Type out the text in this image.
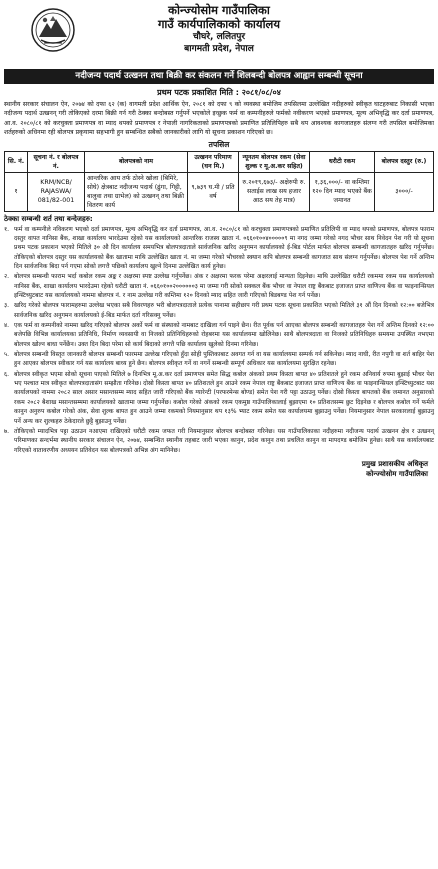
कोन्ज्योसोम गाउँपालिका
गाउँ कार्यपालिकाको कार्यालय
चौघरे, ललितपुर
बागमती प्रदेश, नेपाल
नदीजन्य पदार्थ उत्खनन तथा बिक्री कर संकलन गर्ने शिलबन्दी बोलपत्र आह्वान सम्बन्धी सूचना
प्रथम पटक प्रकाशित मिति : २०८१/०८/०४
स्थानीय सरकार संचालन ऐन, २०७४ को दफा ६२ (क) वागमती प्रदेश आर्थिक ऐन, २०८१ को दफा ९ को व्यवस्था बमोजिम तपसिलमा उल्लेखित नदीहरुको स्वीकृत घाटहरुबाट निकासी भएका नदीजन्य पदार्थ उत्खनन् गरी तोकिएको दरमा बिक्री गर्न गरी ठेक्का बन्दोबस्त गर्नुपर्ने भएकोले इच्छुक फर्म वा कम्पनीहरुले फर्मको नवीकरण भएको प्रमाणपत्र, मूल्य अभिवृद्धि कर दर्ता प्रमाणपत्र, आ.व. २०८०/८१ को करचुक्ता प्रमाणपत्र वा म्याद थपको प्रमाणपत्र र नेपाली नागरिकताको प्रमाणपत्रको प्रमाणित प्रतिलिपिहरु सबै थप आवश्यक कागजातहरु संलग्न गरी तपसिल बमोजिमका शर्तहरुको अधिनमा रही बोलपत्र प्रकृयामा सहभागी हुन सम्बन्धित सबैको जानकारीको लागि यो सूचना प्रकाशन गरिएको छ।
तपसिल
सि. नं.	सूचना नं. र बोलपत्र नं.	बोलपत्रको नाम	उत्खनन परिमाण (घन मि.)	न्यूनतम बोलपत्र रकम (सेवा शुल्क र मू.अ.कर सहित)	धरौटी रकम	बोलपत्र दस्तुर (रु.)
१	KRM/NCB/ RAJASWA/ 081/82-001	आन्तरिक आय तर्फ ठोस्ने खोला (बिमिरे, सोघे) क्षेत्रबाट नदीजन्य पदार्थ (ढुंगा, गिट्टी, बालुवा तथा ग्राभेल) को उत्खनन् तथा बिक्री वितरण कार्य	९,७३९ घ.मी / प्रति वर्ष	रु.२०१९,६७३/- अक्षेरुपी रु. सताईस लाख सय हजार आठ सय तेह मात्र)	१,३६,०००/- वा कम्तिमा १२० दिन म्याद भएको बैंक जमानत	३०००/-
ठेक्का सम्बन्धी शर्त तथा बन्देजहरु:
१. फर्म वा कम्पनीले नविकरण भएको दर्ता प्रमाणपत्र, मूल्य अभिवृद्धि कर दर्ता प्रमाणपत्र, आ.व. २०८०/८१ को करचुक्ता प्रमाणपत्रको प्रमाणित प्रतिलिपी वा म्याद थपको प्रमाणपत्र, बोलपत्र फाराम दस्तुर वापत नानिसा बैंक, शाखा कार्यालय भारदेउमा रहेको यस कार्यालयको आन्तरिक राजस्व खाता नं. ०६६०१००४०००००९ मा नगद जम्मा गरेको नगद भौचर साथ निवेदन पेश गरी यो सूचना प्रथम पटक प्रकाशन भएको मितिले ३० औ दिन कार्यालय समयभित्र बोलपत्रदाताले सार्वजनिक खरिद अनुगमन कार्यालयको ई-बिड पोर्टल मार्फत बोलपत्र सम्बन्धी कागजातहरु खरिद गर्नुपर्नेछ। तोकिएको बोलपत्र दस्तुर यस कार्यालयको बैंक खातामा माथि उल्लेखित खाता नं. मा जम्मा गरेको भौचरको स्क्यान कपि बोलपत्र सम्बन्धी कागजात साथ संलग्न गर्नुपर्नेछ। बोलपत्र पेश गर्ने अन्तिम दिन सार्वजनिक बिदा पर्न गएमा सोको लगत्तै पछिको कार्यालय खुल्ने दिनमा उल्लेखित कार्य हुनेछ।
२. बोलपत्र सम्बन्धी फाराम भर्दा कबोल रकम अङ्क र अक्षरमा स्पष्ट उल्लेख गर्नुपर्नेछ। अंक र अक्षरमा फरक परेमा अक्षरलाई मान्यता दिइनेछ। माथि उल्लेखित धरौटी रकममा रकम यस कार्यालयको नानिसा बैंक, शाखा कार्यालय भारदेउमा रहेको धरौटी खाता नं. ०६६०१००२००००००३ मा जम्मा गरी सोको सक्कल बैंक भौचर वा नेपाल राष्ट्र बैंकबाट इजाजत प्राप्त वाणिज्य बैंक वा फाइनान्सियल इन्स्टिच्युटबाट यस कार्यालयको नाममा बोलपत्र नं. र नाम उल्लेख गरी कम्तिमा १२० दिनको म्याद सहित जारी गरिएको बिडबण्ड पेश गर्न पर्नेछ।
३. खरिद गरेको बोलपत्र फारामहरुमा उल्लेख भएका सबै विवरणहरु भरी बोलपत्रदाताले प्रत्येक पानामा सहीछाप गरी प्रथम पटक सूचना प्रकाशित भएको मितिले ३१ औं दिन दिनको १२:०० बजेभित्र सार्वजनिक खरिद अनुगमन कार्यालयको ई-बिड मार्फत दर्ता गरिसक्नु पर्नेछ।
४. एक फर्म वा कम्पनीको नाममा खरिद गरिएको बोलपत्र अर्को फर्म वा संस्थाको नामबाट दाखिला गर्न पाइने छैन। रीत पूर्वक पर्न आएका बोलपत्र सम्बन्धी कागजातहरु पेश गर्ने अन्तिम दिनको १२:०० बजेपछि विभिन्न कार्यालयका प्रतिनिधि, निर्माण व्यवसायी वा निजको प्रतिनिधिहरुको रोहबरमा यस कार्यालयमा खोलिनेछ। साथै बोलपत्रदाता वा निजको प्रतिनिधिहरु समयमा उपस्थित नभएमा बोलपत्र खोल्न बाधा पर्नेछैन। उक्त दिन बिदा परेमा सो कार्य बिदाको लगत्तै पछि कार्यालय खुलेको दिनमा गरिनेछ।
५. बोलपत्र सम्बन्धी विस्तृत जानकारी बोलपत्र सम्बन्धी फारममा उल्लेख गरिएको हुँदा सोही पुस्तिकाबाट अवगत गर्न वा यस कार्यालयमा सम्पर्क गर्न सकिनेछ। म्याद नाघी, रीत नपुगी वा शर्त बाहिर पेश हुन आएका बोलपत्र स्वीकार गर्न यस कार्यालय बाध्य हुने छैन। बोलपत्र स्वीकृत गर्ने वा नगर्ने सम्बन्धी सम्पूर्ण अधिकार यस कार्यालयमा सुरक्षित रहनेछ।
६. बोलपत्र स्वीकृत भएमा सोको सूचना पाएको मितिले ७ दिनभित्र मू.अ.कर दर्ता प्रमाणपत्र समेत सिद्ध कबोल अंकको प्रथम किस्ता बापत ४० प्रतिशतले हुने रकम अनिवार्य रुपमा बुझाई भौचर पेश भए पश्चात मात्र स्वीकृत बोलपत्रदातासंग सम्झौता गरिनेछ। दोस्रो किस्ता बापत ४० प्रतिशतले हुन आउने रकम नेपाल राष्ट्र बैंकबाट इजाजत प्राप्त वाणिज्य बैंक वा फाइनान्सियल इन्स्टिच्युटबाट यस कार्यालयको नाममा २०८२ साल असार मसान्तसम्म म्याद सहित जारी गरिएको बैंक ग्यारेन्टी (परफरमेन्स बोण्ड) समेत पेश गरी पट्टा उठाउनु पर्नेछ। दोस्रो किस्ता बापतको बैंक जमानत अनुसारको रकम २०८२ बैशाख मसान्तसम्ममा कार्यालयको खातामा जम्मा गर्नुपर्नेछ। कबोल गरेको अंकको रकम एकमुष्ठ गाउँपालिकालाई बुझाएमा १० प्रतिशतसम्म छुट दिइनेछ र बोलपत्र कबोल गर्ने फर्मले कानुन अनुरुप कबोल गरेको अंक, सेवा शुल्क बापत हुन आउने जम्मा रकमको नियमानुसार थप १३% भ्याट रकम समेत यस कार्यालयमा बुझाउनु पर्नेछ। नियमानुसार नेपाल सरकारलाई बुझाउनु पर्ने अन्य कर शुल्कहरु ठेकेदारले छुट्टै बुझाउनु पर्नेछ।
७. तोकिएको म्यादभित्र पट्टा उठाउन नआएमा राखिएको धरौटी रकम जफत गरी नियमानुसार बोलपत्र बन्दोबस्त गरिनेछ। यस गाउँपालिकाका नदीहरुमा नदीजन्य पदार्थ उत्खनन क्षेत्र र उत्खनन् परिमाणका सन्दर्भमा स्थानीय सरकार संचालन ऐन, २०७४, सम्बन्धित स्थानीय तहबाट जारी भएका कानुन, प्रदेश कानुन तथा प्रचलित कानुन वा मापदण्ड बमोजिम हुनेछ। साथै यस कार्यालयबाट गरिएको वातावरणीय अध्ययन प्रतिवेदन यस बोलपत्रको अभिन्न अंग मानिनेछ।
प्रमुख प्रशासकीय अधिकृत
कोन्ज्योसोम गाउँपालिका
